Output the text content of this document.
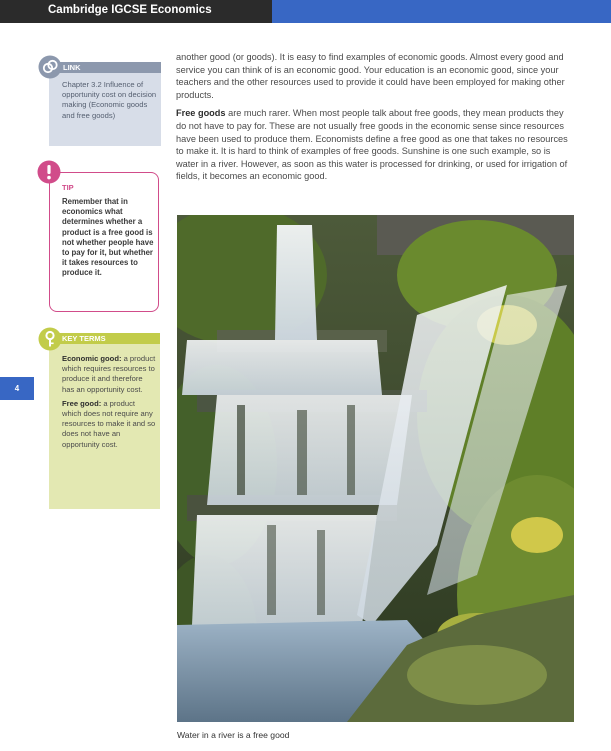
Cambridge IGCSE Economics
4
LINK
Chapter 3.2 Influence of opportunity cost on decision making (Economic goods and free goods)
TIP
Remember that in economics what determines whether a product is a free good is not whether people have to pay for it, but whether it takes resources to produce it.
KEY TERMS

Economic good: a product which requires resources to produce it and therefore has an opportunity cost.

Free good: a product which does not require any resources to make it and so does not have an opportunity cost.

another good (or goods). It is easy to find examples of economic goods. Almost every good and service you can think of is an economic good. Your education is an economic good, since your teachers and the other resources used to provide it could have been employed for making other products.

Free goods are much rarer. When most people talk about free goods, they mean products they do not have to pay for. These are not usually free goods in the economic sense since resources have been used to produce them. Economists define a free good as one that takes no resources to make it. It is hard to think of examples of free goods. Sunshine is one such example, so is water in a river. However, as soon as this water is processed for drinking, or used for irrigation of fields, it becomes an economic good.

Water in a river is a free good
